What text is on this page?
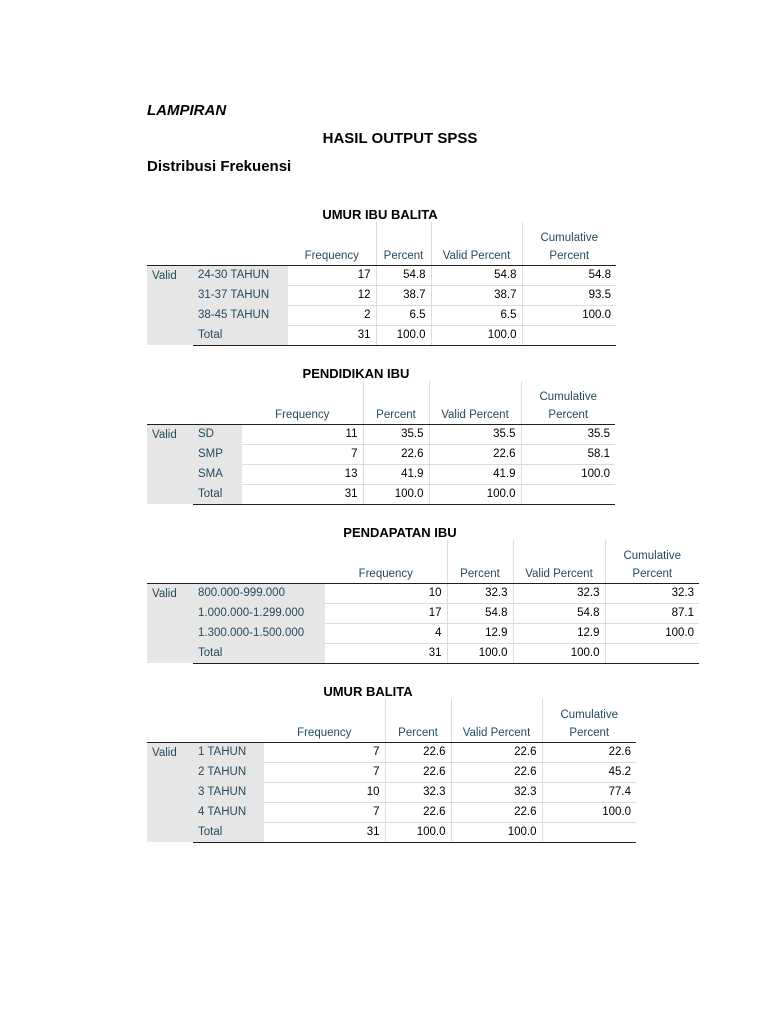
LAMPIRAN

HASIL OUTPUT SPSS

Distribusi Frekuensi

UMUR IBU BALITA
					Cumulative
		Frequency	Percent	Valid Percent	Percent
Valid	24-30 TAHUN	17	54.8	54.8	54.8
	31-37 TAHUN	12	38.7	38.7	93.5
	38-45 TAHUN	2	6.5	6.5	100.0
	Total	31	100.0	100.0	
PENDIDIKAN IBU
					Cumulative
		Frequency	Percent	Valid Percent	Percent
Valid	SD	11	35.5	35.5	35.5
	SMP	7	22.6	22.6	58.1
	SMA	13	41.9	41.9	100.0
	Total	31	100.0	100.0	
PENDAPATAN IBU
					Cumulative
		Frequency	Percent	Valid Percent	Percent
Valid	800.000-999.000	10	32.3	32.3	32.3
	1.000.000-1.299.000	17	54.8	54.8	87.1
	1.300.000-1.500.000	4	12.9	12.9	100.0
	Total	31	100.0	100.0	
UMUR BALITA
					Cumulative
		Frequency	Percent	Valid Percent	Percent
Valid	1 TAHUN	7	22.6	22.6	22.6
	2 TAHUN	7	22.6	22.6	45.2
	3 TAHUN	10	32.3	32.3	77.4
	4 TAHUN	7	22.6	22.6	100.0
	Total	31	100.0	100.0	
